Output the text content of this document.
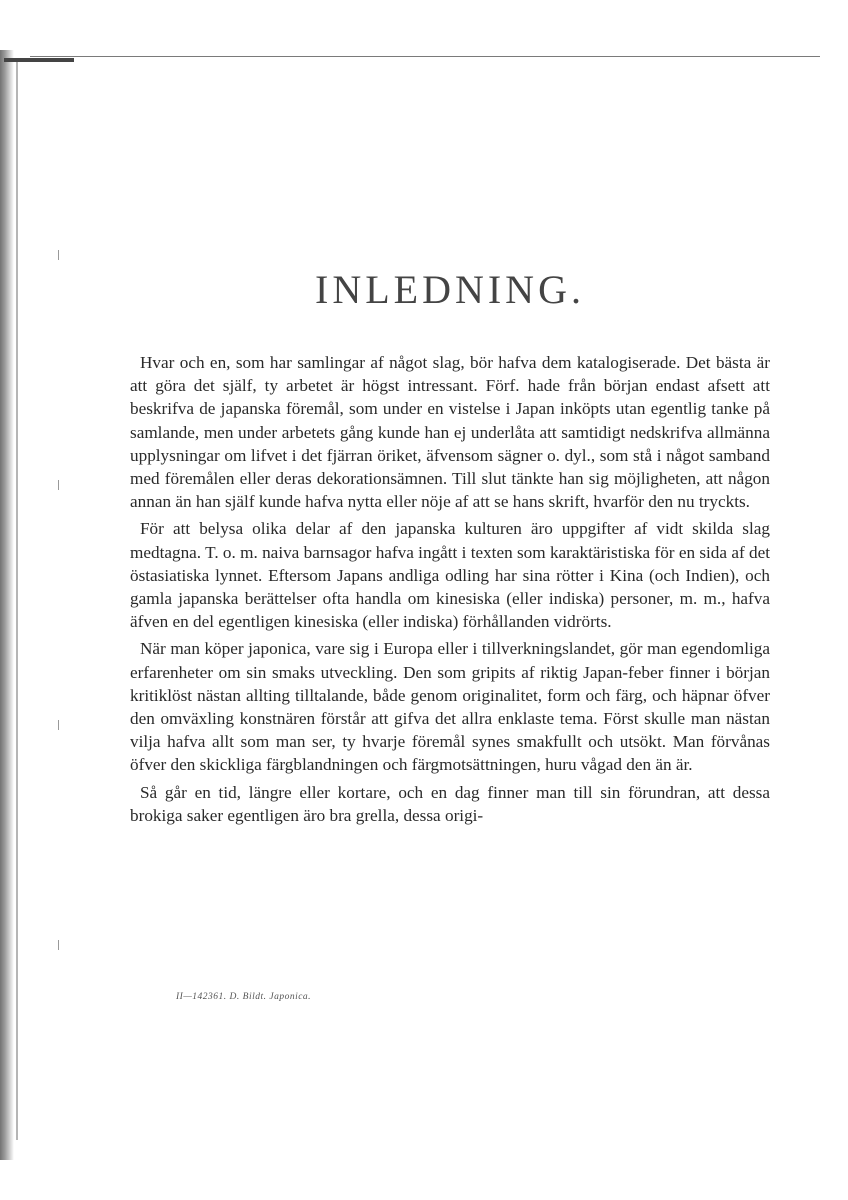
INLEDNING.

Hvar och en, som har samlingar af något slag, bör hafva dem katalogiserade. Det bästa är att göra det själf, ty arbetet är högst intressant. Förf. hade från början endast afsett att beskrifva de japanska föremål, som under en vistelse i Japan inköpts utan egentlig tanke på samlande, men under arbetets gång kunde han ej underlåta att samtidigt nedskrifva allmänna upplysningar om lifvet i det fjärran öriket, äfvensom sägner o. dyl., som stå i något samband med föremålen eller deras dekorationsämnen. Till slut tänkte han sig möjligheten, att någon annan än han själf kunde hafva nytta eller nöje af att se hans skrift, hvarför den nu tryckts.

För att belysa olika delar af den japanska kulturen äro uppgifter af vidt skilda slag medtagna. T. o. m. naiva barnsagor hafva ingått i texten som karaktäristiska för en sida af det östasiatiska lynnet. Eftersom Japans andliga odling har sina rötter i Kina (och Indien), och gamla japanska berättelser ofta handla om kinesiska (eller indiska) personer, m. m., hafva äfven en del egentligen kinesiska (eller indiska) förhållanden vidrörts.

När man köper japonica, vare sig i Europa eller i tillverkningslandet, gör man egendomliga erfarenheter om sin smaks utveckling. Den som gripits af riktig Japan-feber finner i början kritiklöst nästan allting tilltalande, både genom originalitet, form och färg, och häpnar öfver den omväxling konstnären förstår att gifva det allra enklaste tema. Först skulle man nästan vilja hafva allt som man ser, ty hvarje föremål synes smakfullt och utsökt. Man förvånas öfver den skickliga färgblandningen och färgmotsättningen, huru vågad den än är.

Så går en tid, längre eller kortare, och en dag finner man till sin förundran, att dessa brokiga saker egentligen äro bra grella, dessa origi-

II—142361. D. Bildt. Japonica.
